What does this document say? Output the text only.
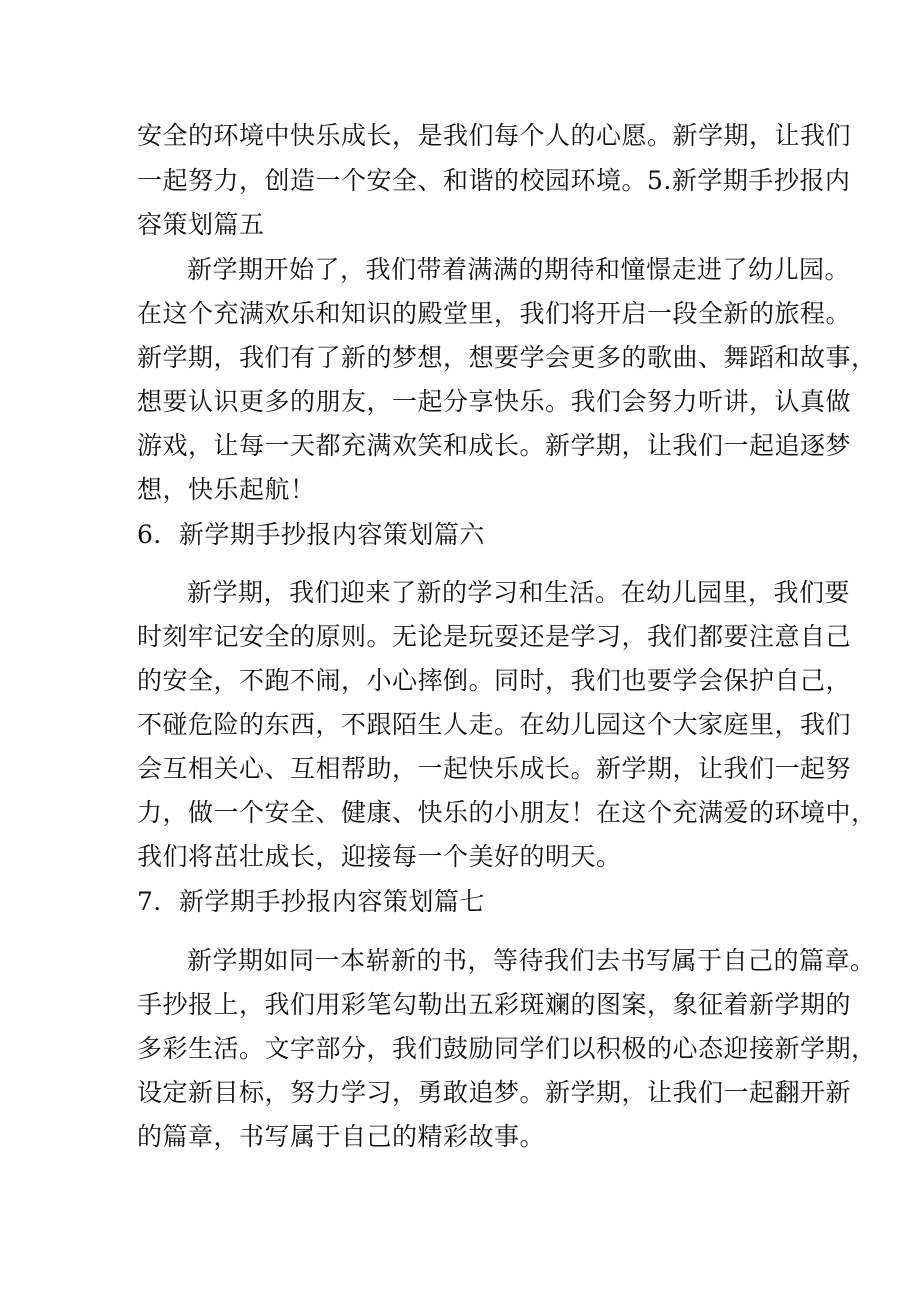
安全的环境中快乐成长，是我们每个人的心愿。新学期，让我们
一起努力，创造一个安全、和谐的校园环境。5.新学期手抄报内
容策划篇五
新学期开始了，我们带着满满的期待和憧憬走进了幼儿园。
在这个充满欢乐和知识的殿堂里，我们将开启一段全新的旅程。
新学期，我们有了新的梦想，想要学会更多的歌曲、舞蹈和故事，
想要认识更多的朋友，一起分享快乐。我们会努力听讲，认真做
游戏，让每一天都充满欢笑和成长。新学期，让我们一起追逐梦
想，快乐起航！
6．新学期手抄报内容策划篇六
新学期，我们迎来了新的学习和生活。在幼儿园里，我们要
时刻牢记安全的原则。无论是玩耍还是学习，我们都要注意自己
的安全，不跑不闹，小心摔倒。同时，我们也要学会保护自己，
不碰危险的东西，不跟陌生人走。在幼儿园这个大家庭里，我们
会互相关心、互相帮助，一起快乐成长。新学期，让我们一起努
力，做一个安全、健康、快乐的小朋友！在这个充满爱的环境中，
我们将茁壮成长，迎接每一个美好的明天。
7．新学期手抄报内容策划篇七
新学期如同一本崭新的书，等待我们去书写属于自己的篇章。
手抄报上，我们用彩笔勾勒出五彩斑斓的图案，象征着新学期的
多彩生活。文字部分，我们鼓励同学们以积极的心态迎接新学期，
设定新目标，努力学习，勇敢追梦。新学期，让我们一起翻开新
的篇章，书写属于自己的精彩故事。
